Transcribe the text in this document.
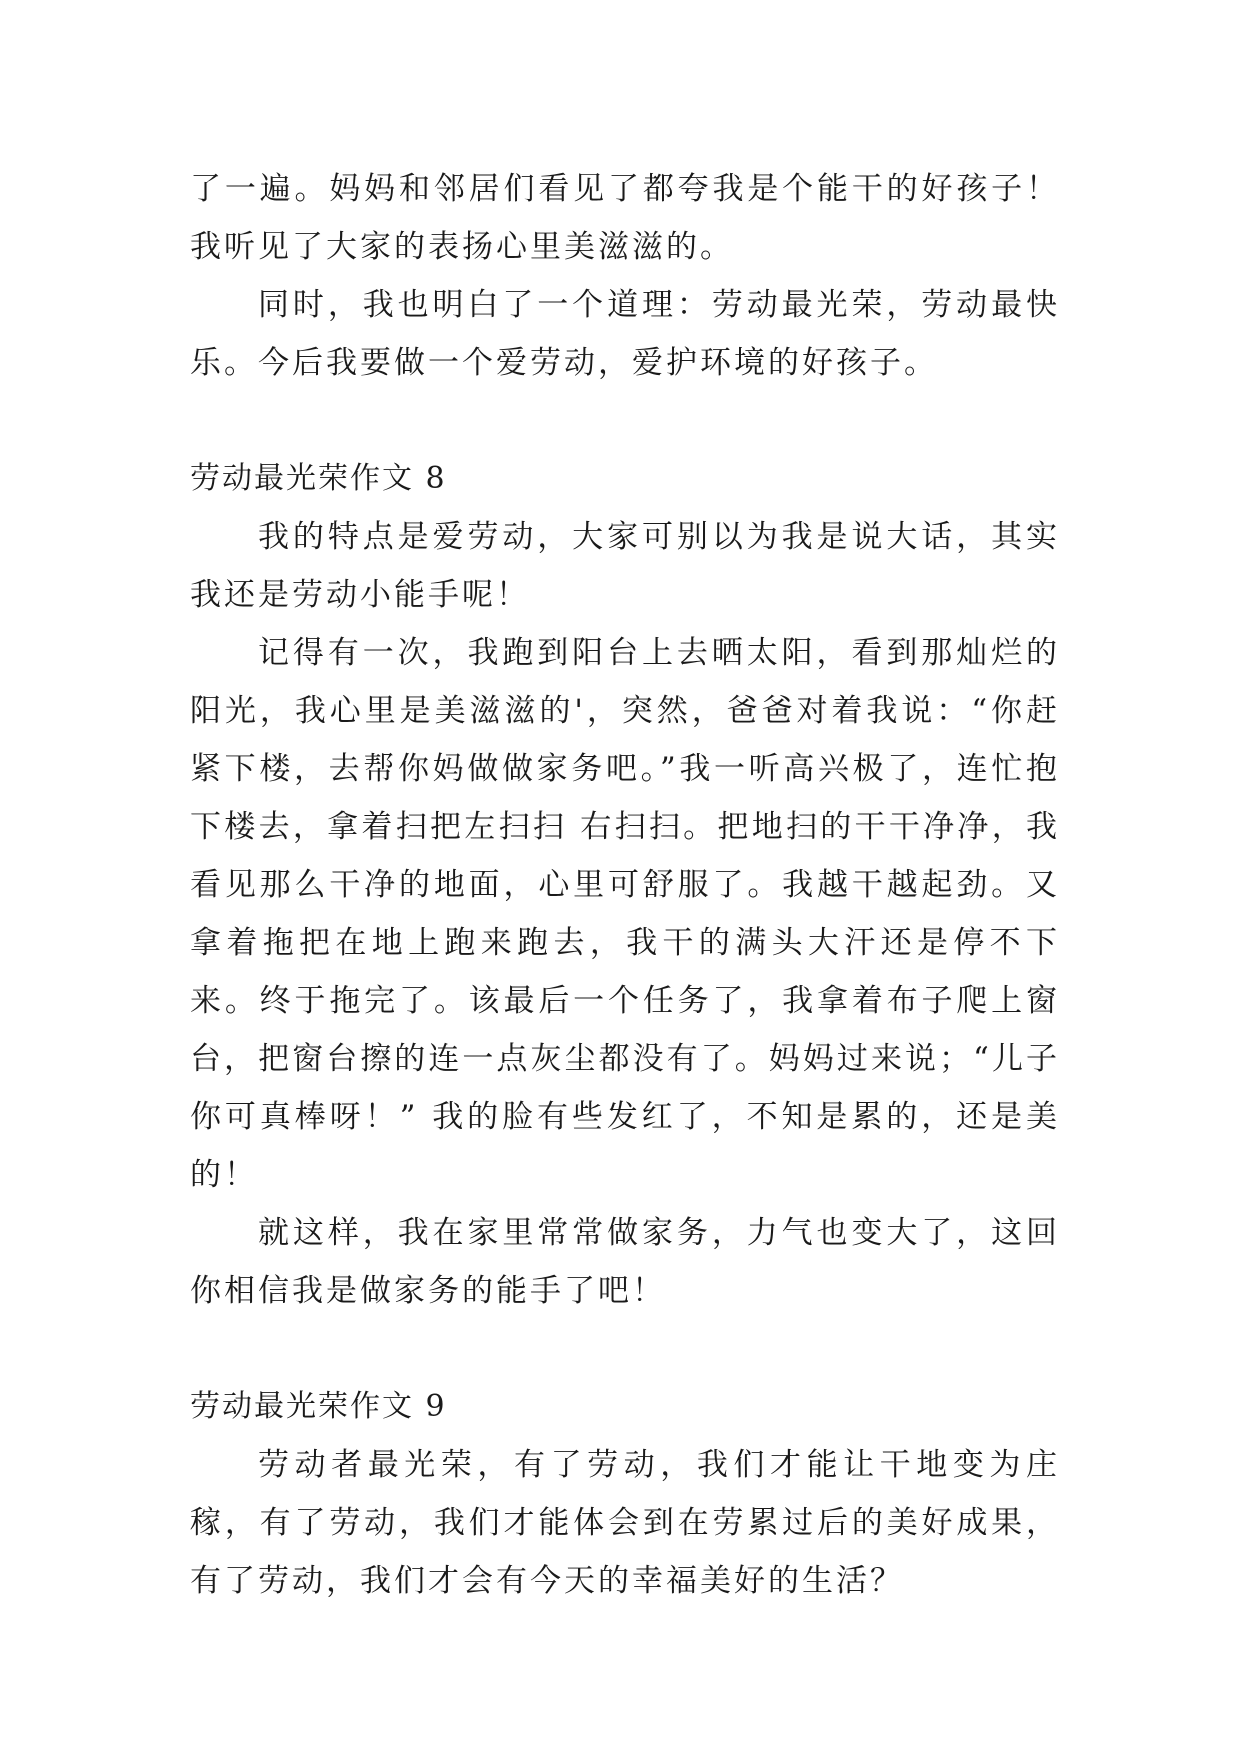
了一遍。妈妈和邻居们看见了都夸我是个能干的好孩子！我听见了大家的表扬心里美滋滋的。

同时，我也明白了一个道理：劳动最光荣，劳动最快乐。今后我要做一个爱劳动，爱护环境的好孩子。

劳动最光荣作文 8

我的特点是爱劳动，大家可别以为我是说大话，其实我还是劳动小能手呢！

记得有一次，我跑到阳台上去晒太阳，看到那灿烂的阳光，我心里是美滋滋的'，突然，爸爸对着我说：“你赶紧下楼，去帮你妈做做家务吧。”我一听高兴极了，连忙抱下楼去，拿着扫把左扫扫 右扫扫。把地扫的干干净净，我看见那么干净的地面，心里可舒服了。我越干越起劲。又拿着拖把在地上跑来跑去，我干的满头大汗还是停不下来。终于拖完了。该最后一个任务了，我拿着布子爬上窗 台，把窗台擦的连一点灰尘都没有了。妈妈过来说；“儿子你可真棒呀！” 我的脸有些发红了，不知是累的，还是美的！

就这样，我在家里常常做家务，力气也变大了，这回你相信我是做家务的能手了吧！

劳动最光荣作文 9

劳动者最光荣，有了劳动，我们才能让干地变为庄稼，有了劳动，我们才能体会到在劳累过后的美好成果，有了劳动，我们才会有今天的幸福美好的生活？
